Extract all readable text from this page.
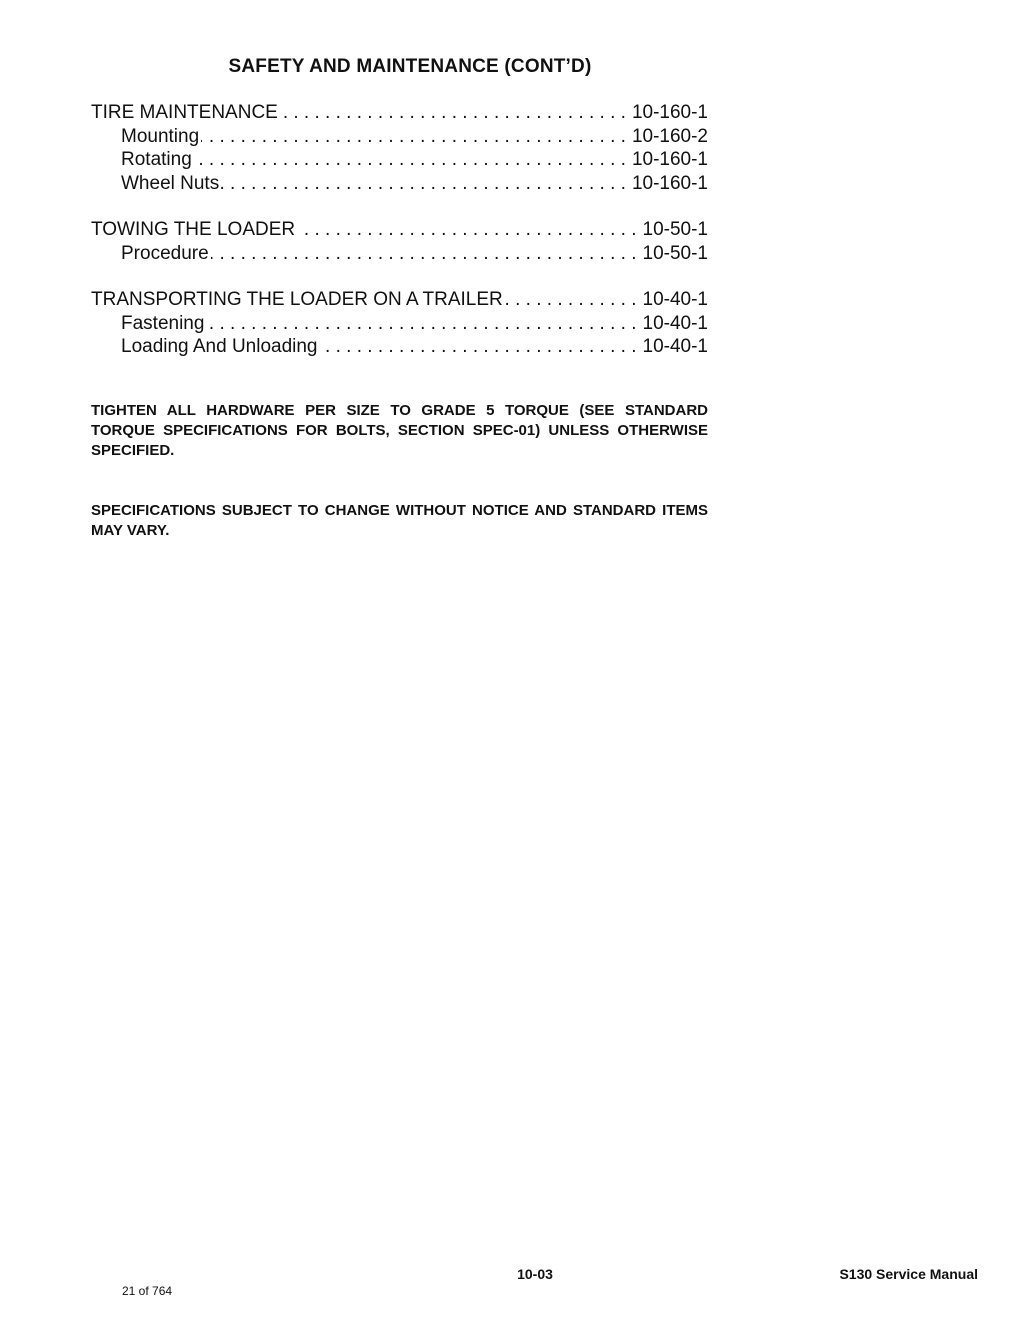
SAFETY AND MAINTENANCE (CONT’D)
TIRE MAINTENANCE . . .	10-160-1
Mounting . . .	10-160-2
Rotating . . .	10-160-1
Wheel Nuts . . .	10-160-1
TOWING THE LOADER . . .	10-50-1
Procedure . . .	10-50-1
TRANSPORTING THE LOADER ON A TRAILER . . .	10-40-1
Fastening . . .	10-40-1
Loading And Unloading . . .	10-40-1
TIGHTEN ALL HARDWARE PER SIZE TO GRADE 5 TORQUE (SEE STANDARD TORQUE SPECIFICATIONS FOR BOLTS, SECTION SPEC-01) UNLESS OTHERWISE SPECIFIED.
SPECIFICATIONS SUBJECT TO CHANGE WITHOUT NOTICE AND STANDARD ITEMS MAY VARY.
10-03	S130 Service Manual
21 of 764
